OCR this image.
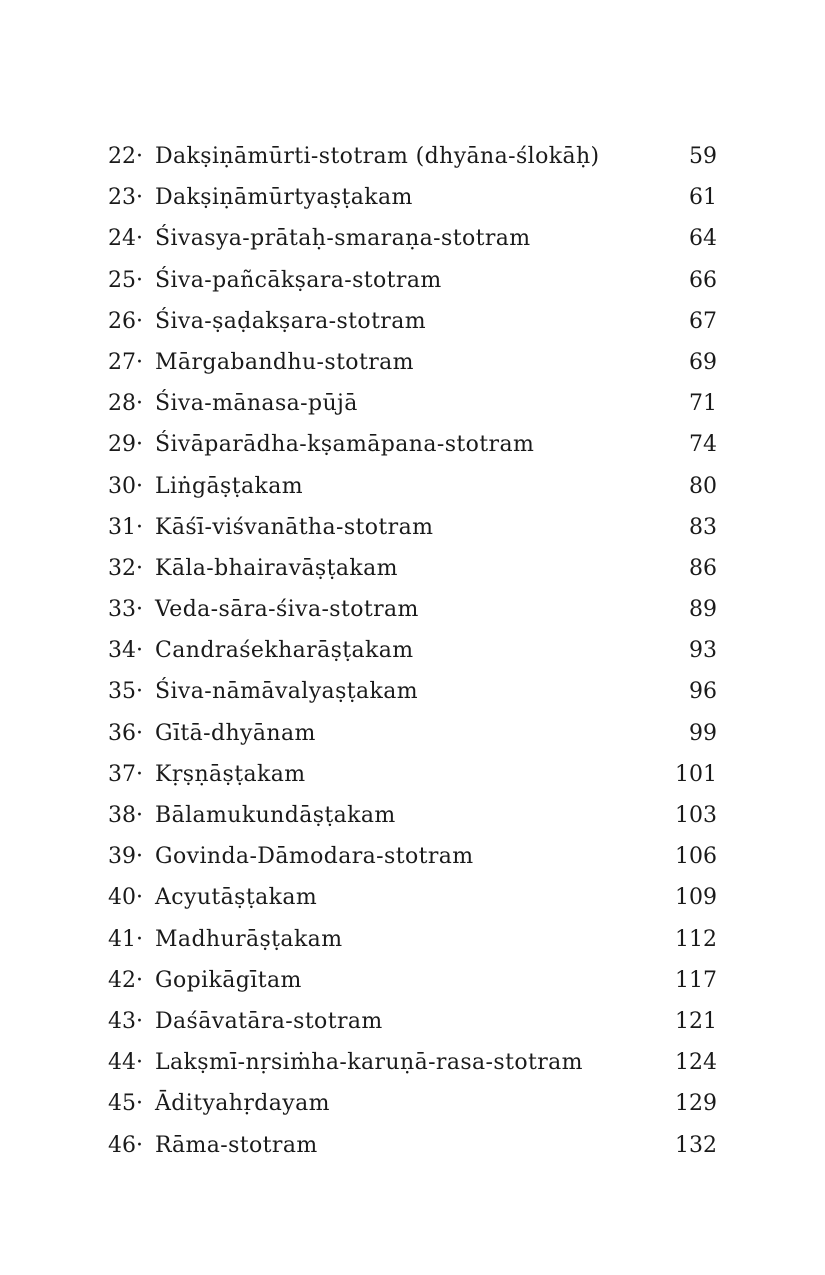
22· Dakṣiṇāmūrti-stotram (dhyāna-ślokāḥ)	59
23· Dakṣiṇāmūrtyaṣṭakam	61
24· Śivasya-prātaḥ-smaraṇa-stotram	64
25· Śiva-pañcākṣara-stotram	66
26· Śiva-ṣaḍakṣara-stotram	67
27· Mārgabandhu-stotram	69
28· Śiva-mānasa-pūjā	71
29· Śivāparādha-kṣamāpana-stotram	74
30· Liṅgāṣṭakam	80
31· Kāśī-viśvanātha-stotram	83
32· Kāla-bhairavāṣṭakam	86
33· Veda-sāra-śiva-stotram	89
34· Candraśekharāṣṭakam	93
35· Śiva-nāmāvalyaṣṭakam	96
36· Gītā-dhyānam	99
37· Kṛṣṇāṣṭakam	101
38· Bālamukundāṣṭakam	103
39· Govinda-Dāmodara-stotram	106
40· Acyutāṣṭakam	109
41· Madhurāṣṭakam	112
42· Gopikāgītam	117
43· Daśāvatāra-stotram	121
44· Lakṣmī-nṛsiṁha-karuṇā-rasa-stotram	124
45· Ādityahṛdayam	129
46· Rāma-stotram	132
